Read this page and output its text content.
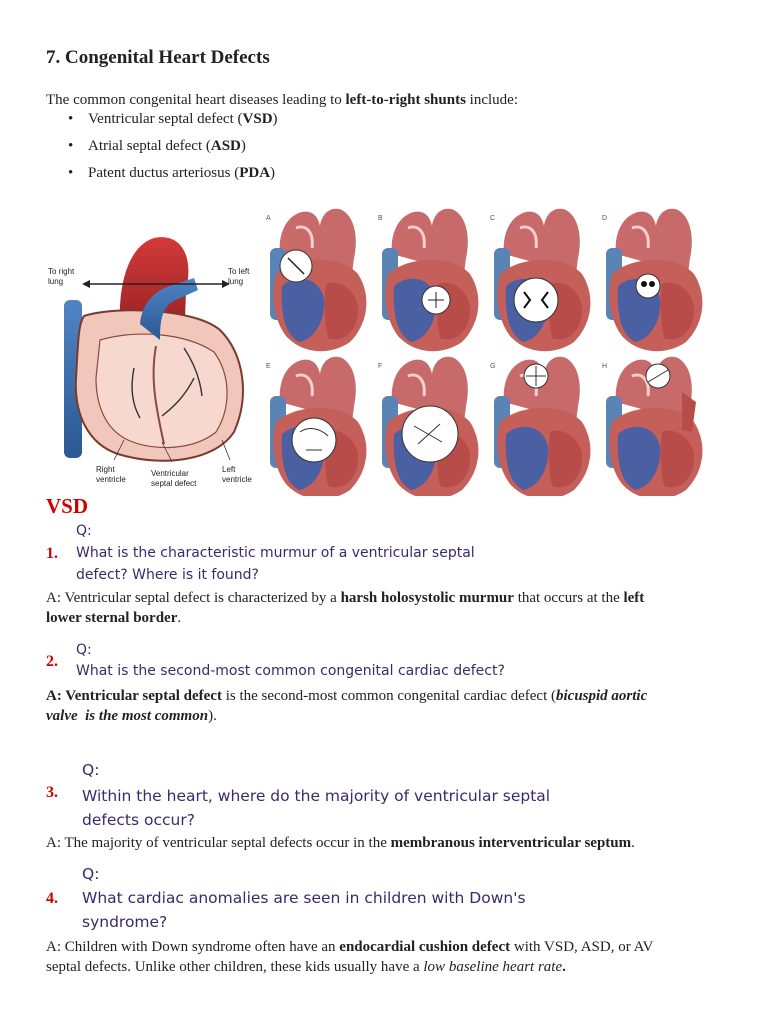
7. Congenital Heart Defects
The common congenital heart diseases leading to left-to-right shunts include:
• Ventricular septal defect (VSD)
• Atrial septal defect (ASD)
• Patent ductus arteriosus (PDA)
To right
lung
To left
lung
Right
ventricle
Ventricular
septal defect
Left
ventricle
A	B	C	D
E	F	G	H
VSD
Q:
1. What is the characteristic murmur of a ventricular septal
defect? Where is it found?
A: Ventricular septal defect is characterized by a harsh holosystolic murmur that occurs at the left
lower sternal border.
Q:
2.
What is the second-most common congenital cardiac defect?
A: Ventricular septal defect is the second-most common congenital cardiac defect (bicuspid aortic
valve  is the most common).
Q:
3. Within the heart, where do the majority of ventricular septal
defects occur?
A: The majority of ventricular septal defects occur in the membranous interventricular septum.
Q:
4. What cardiac anomalies are seen in children with Down's
syndrome?
A: Children with Down syndrome often have an endocardial cushion defect with VSD, ASD, or AV
septal defects. Unlike other children, these kids usually have a low baseline heart rate.
